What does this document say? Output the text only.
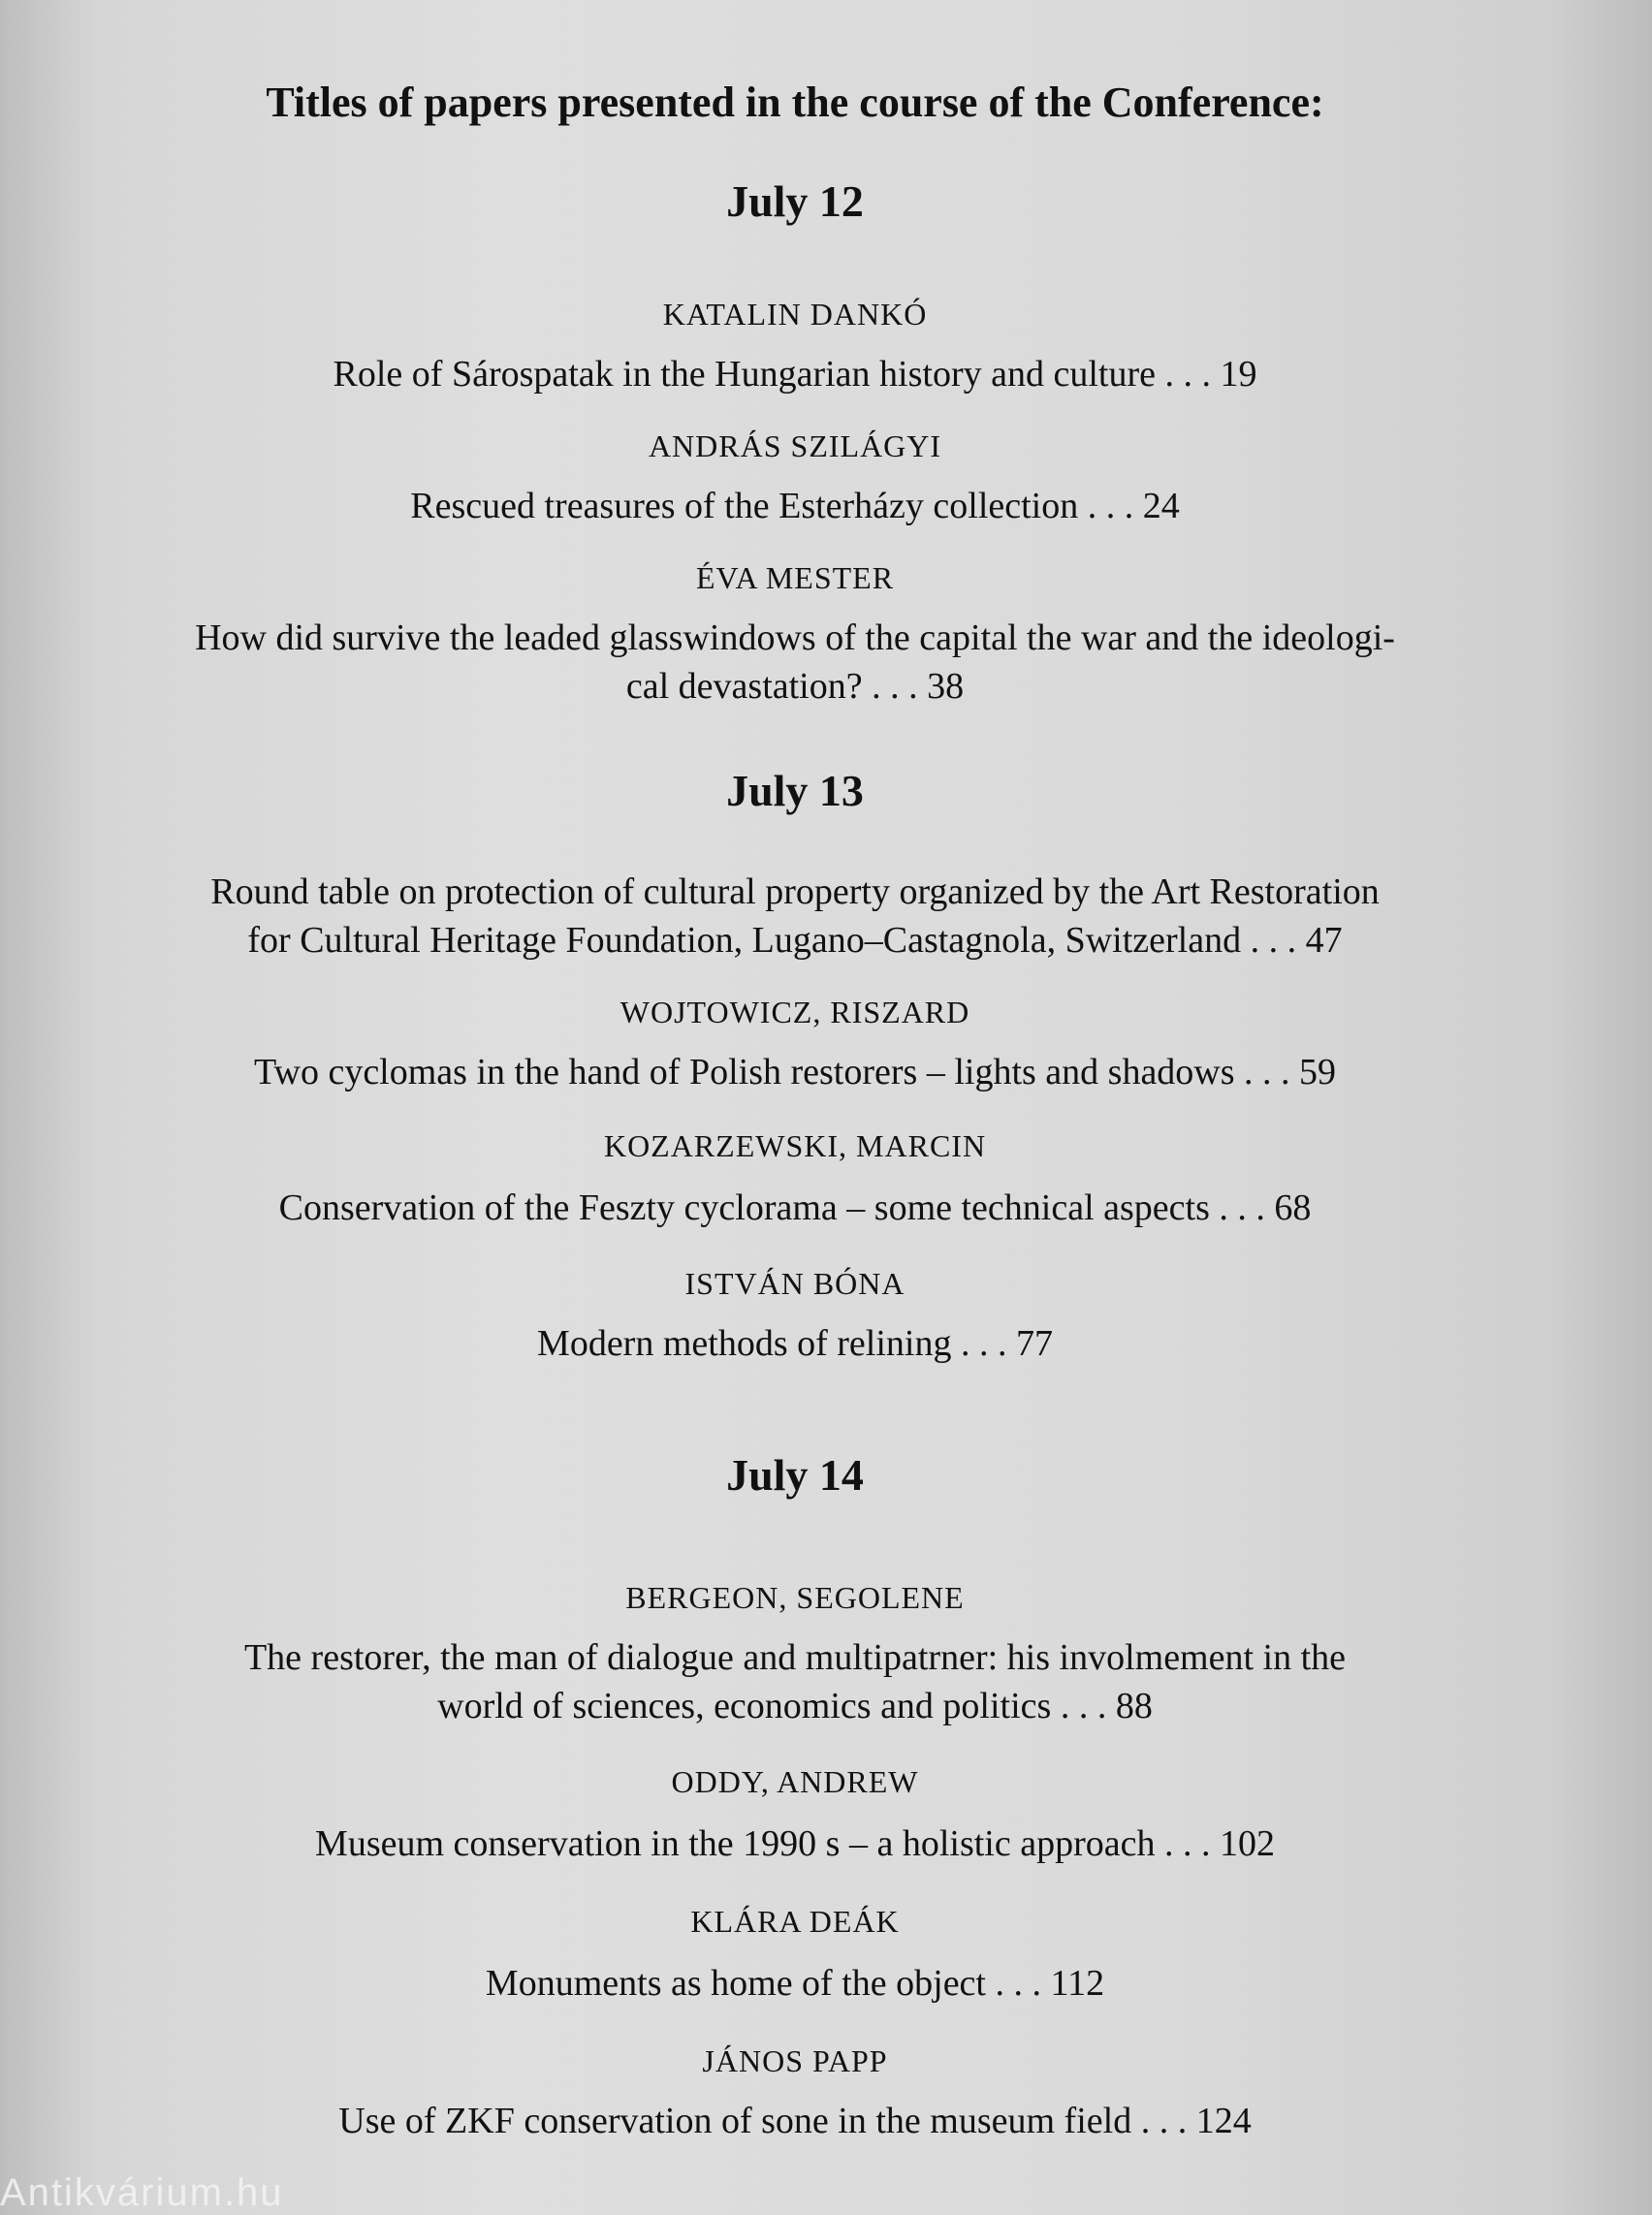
Titles of papers presented in the course of the Conference:
July 12
KATALIN DANKÓ
Role of Sárospatak in the Hungarian history and culture . . . 19
ANDRÁS SZILÁGYI
Rescued treasures of the Esterházy collection . . . 24
ÉVA MESTER
How did survive the leaded glasswindows of the capital the war and the ideologi-
cal devastation? . . . 38
July 13
Round table on protection of cultural property organized by the Art Restoration
for Cultural Heritage Foundation, Lugano–Castagnola, Switzerland . . . 47
WOJTOWICZ, RISZARD
Two cyclomas in the hand of Polish restorers – lights and shadows . . . 59
KOZARZEWSKI, MARCIN
Conservation of the Feszty cyclorama – some technical aspects . . . 68
ISTVÁN BÓNA
Modern methods of relining . . . 77
July 14
BERGEON, SEGOLENE
The restorer, the man of dialogue and multipatrner: his involmement in the
world of sciences, economics and politics . . . 88
ODDY, ANDREW
Museum conservation in the 1990 s – a holistic approach . . . 102
KLÁRA DEÁK
Monuments as home of the object . . . 112
JÁNOS PAPP
Use of ZKF conservation of sone in the museum field . . . 124
Antikvárium.hu
